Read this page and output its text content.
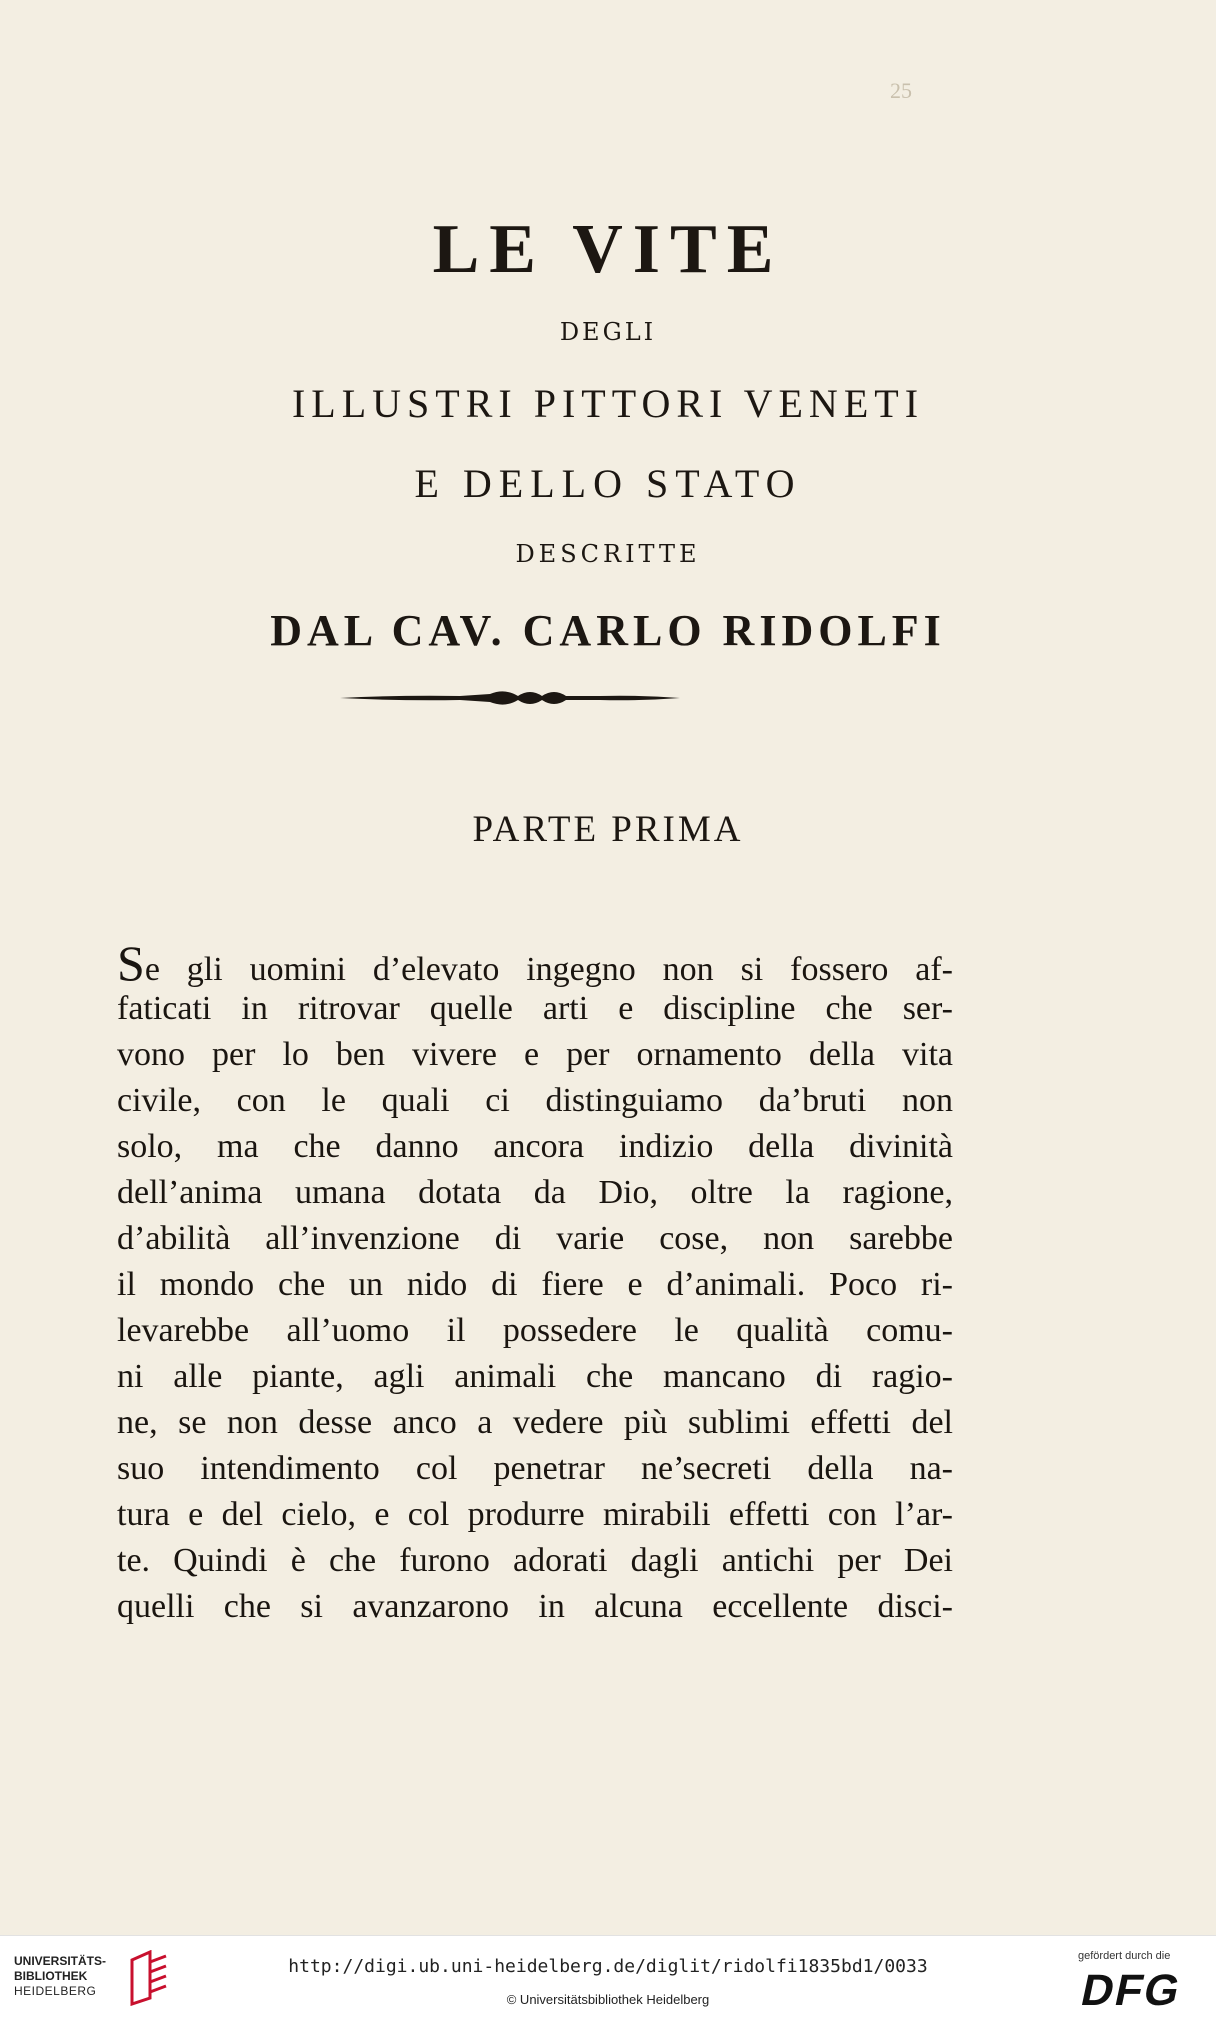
25
LE VITE
DEGLI
ILLUSTRI PITTORI VENETI
E DELLO STATO
DESCRITTE
DAL CAV. CARLO RIDOLFI
PARTE PRIMA
Se gli uomini d’elevato ingegno non si fossero af-
faticati in ritrovar quelle arti e discipline che ser-
vono per lo ben vivere e per ornamento della vita
civile, con le quali ci distinguiamo da’bruti non
solo, ma che danno ancora indizio della divinità
dell’anima umana dotata da Dio, oltre la ragione,
d’abilità all’invenzione di varie cose, non sarebbe
il mondo che un nido di fiere e d’animali. Poco ri-
levarebbe all’uomo il possedere le qualità comu-
ni alle piante, agli animali che mancano di ragio-
ne, se non desse anco a vedere più sublimi effetti del
suo intendimento col penetrar ne’secreti della na-
tura e del cielo, e col produrre mirabili effetti con l’ar-
te. Quindi è che furono adorati dagli antichi per Dei
quelli che si avanzarono in alcuna eccellente disci-
UNIVERSITÄTS-
BIBLIOTHEK
HEIDELBERG
http://digi.ub.uni-heidelberg.de/diglit/ridolfi1835bd1/0033
© Universitätsbibliothek Heidelberg
gefördert durch die
DFG
